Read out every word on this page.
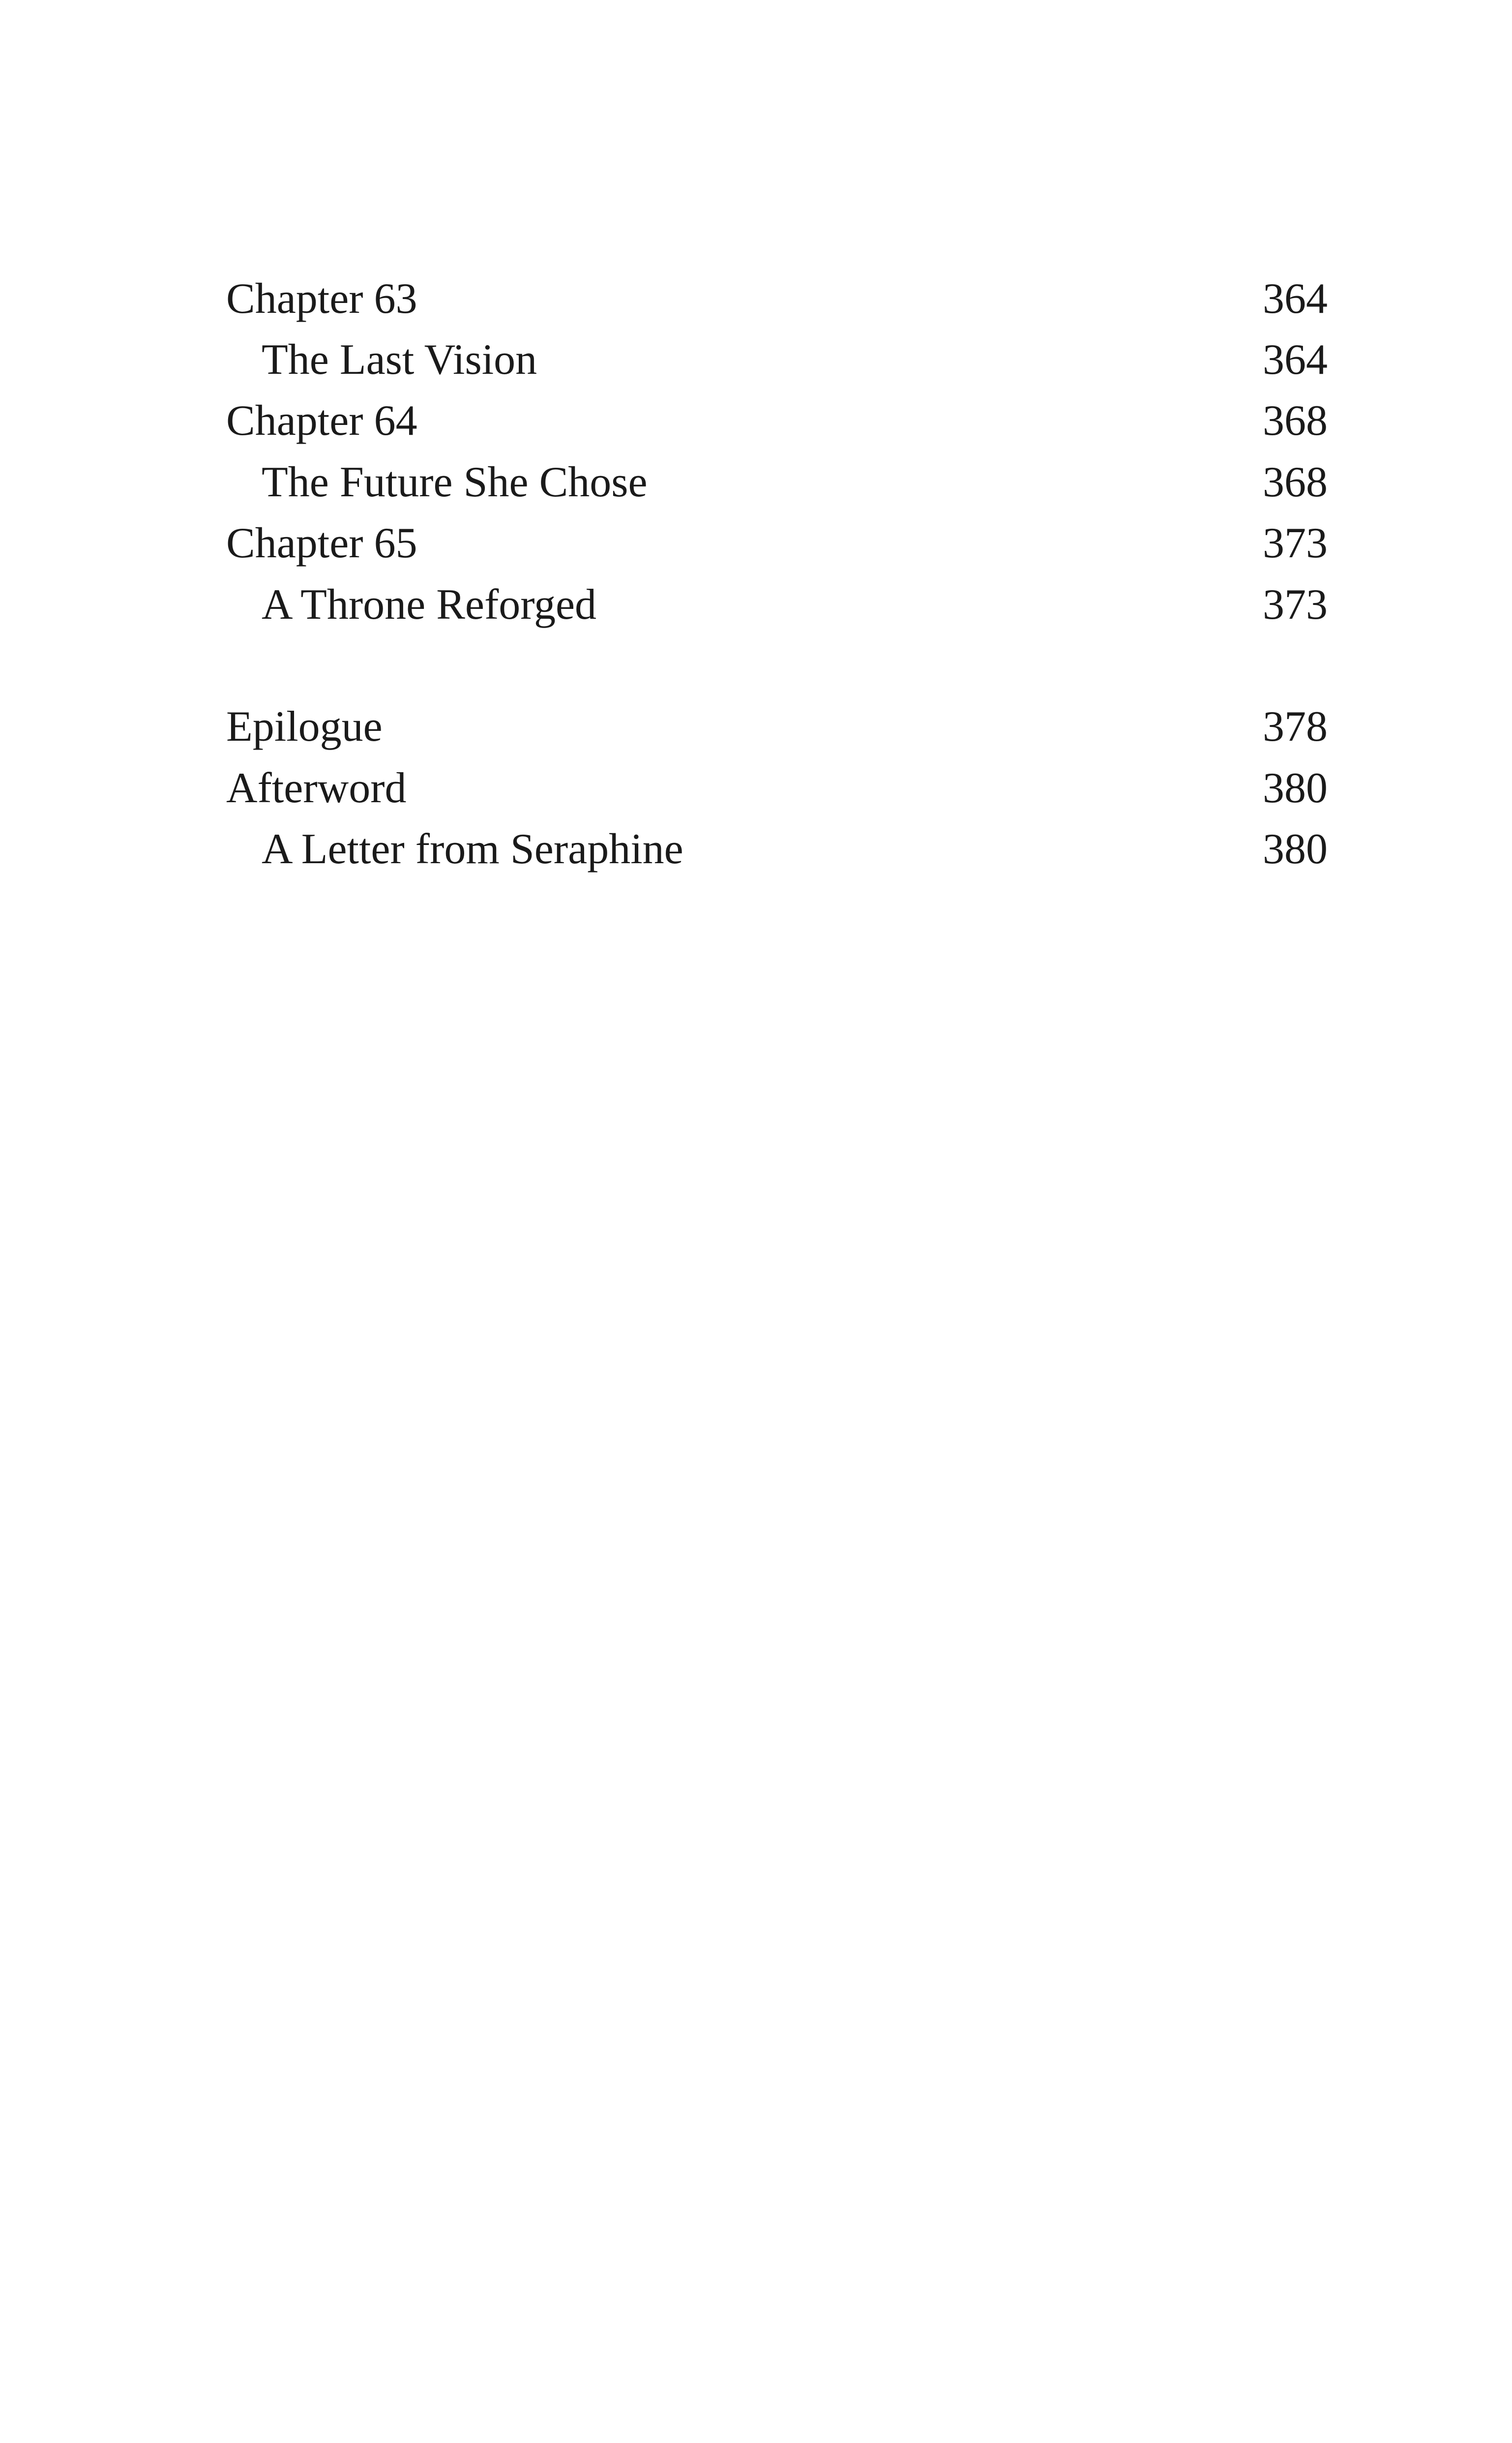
Chapter 63	364
The Last Vision	364
Chapter 64	368
The Future She Chose	368
Chapter 65	373
A Throne Reforged	373
Epilogue	378
Afterword	380
A Letter from Seraphine	380
